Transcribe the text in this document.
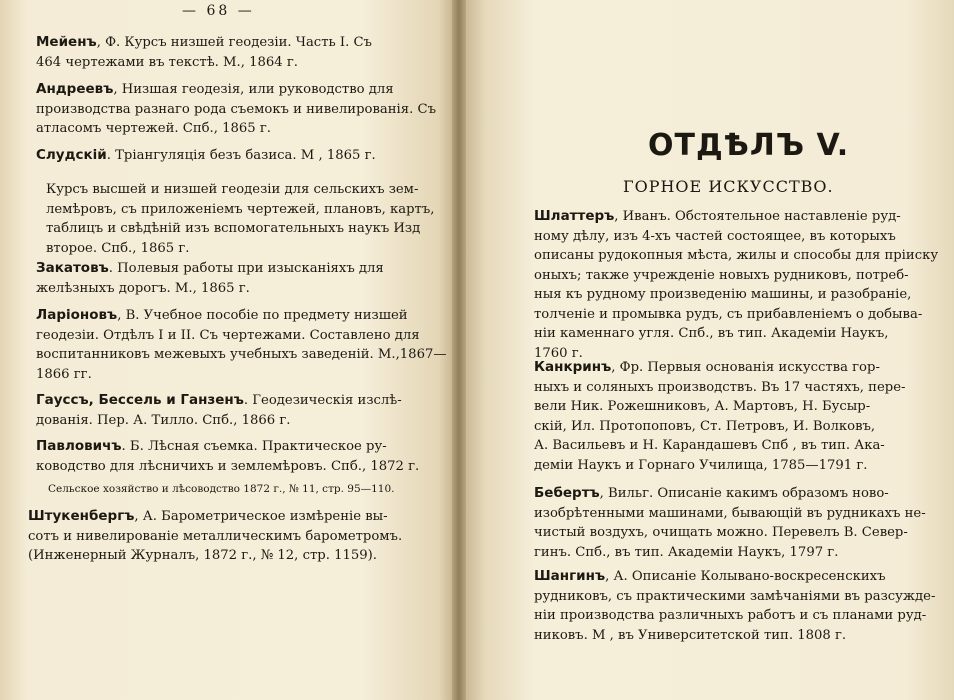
— 68 —
Мейенъ, Ф. Курсъ низшей геодезіи. Часть I. Съ
464 чертежами въ текстѣ. М., 1864 г.
Андреевъ, Низшая геодезія, или руководство для
производства разнаго рода съемокъ и нивелированія. Съ
атласомъ чертежей. Спб., 1865 г.
Слудскій. Тріангуляція безъ базиса. М , 1865 г.
Курсъ высшей и низшей геодезіи для сельскихъ зем-
лемѣровъ, съ приложеніемъ чертежей, плановъ, картъ,
таблицъ и свѣдѣній изъ вспомогательныхъ наукъ Изд
второе. Спб., 1865 г.
Закатовъ. Полевыя работы при изысканіяхъ для
желѣзныхъ дорогъ. М., 1865 г.
Ларіоновъ, В. Учебное пособіе по предмету низшей
геодезіи. Отдѣлъ I и II. Съ чертежами. Составлено для
воспитанниковъ межевыхъ учебныхъ заведеній. М.,1867—
1866 гг.
Гауссъ, Бессель и Ганзенъ. Геодезическія изслѣ-
дованія. Пер. А. Тилло. Спб., 1866 г.
Павловичъ. Б. Лѣсная съемка. Практическое ру-
ководство для лѣсничихъ и землемѣровъ. Спб., 1872 г.
Сельское хозяйство и лѣсоводство 1872 г., № 11, стр. 95—110.
Штукенбергъ, А. Барометрическое измѣреніе вы-
сотъ и нивелированіе металлическимъ барометромъ.
(Инженерный Журналъ, 1872 г., № 12, стр. 1159).
ОТДѢЛЪ V.
ГОРНОЕ ИСКУССТВО.
Шлаттеръ, Иванъ. Обстоятельное наставленіе руд-
ному дѣлу, изъ 4-хъ частей состоящее, въ которыхъ
описаны рудокопныя мѣста, жилы и способы для пріиску
оныхъ; также учрежденіе новыхъ рудниковъ, потреб-
ныя къ рудному произведенію машины, и разобраніе,
толченіе и промывка рудъ, съ прибавленіемъ о добыва-
ніи каменнаго угля. Спб., въ тип. Академіи Наукъ,
1760 г.
Канкринъ, Фр. Первыя основанія искусства гор-
ныхъ и соляныхъ производствъ. Въ 17 частяхъ, пере-
вели Ник. Рожешниковъ, А. Мартовъ, Н. Бусыр-
скій, Ил. Протопоповъ, Ст. Петровъ, И. Волковъ,
А. Васильевъ и Н. Карандашевъ Спб , въ тип. Ака-
деміи Наукъ и Горнаго Училища, 1785—1791 г.
Бебертъ, Вильг. Описаніе какимъ образомъ ново-
изобрѣтенными машинами, бывающій въ рудникахъ не-
чистый воздухъ, очищать можно. Перевелъ В. Север-
гинъ. Спб., въ тип. Академіи Наукъ, 1797 г.
Шангинъ, А. Описаніе Колывано-воскресенскихъ
рудниковъ, съ практическими замѣчаніями въ разсужде-
ніи производства различныхъ работъ и съ планами руд-
никовъ. М , въ Университетской тип. 1808 г.
